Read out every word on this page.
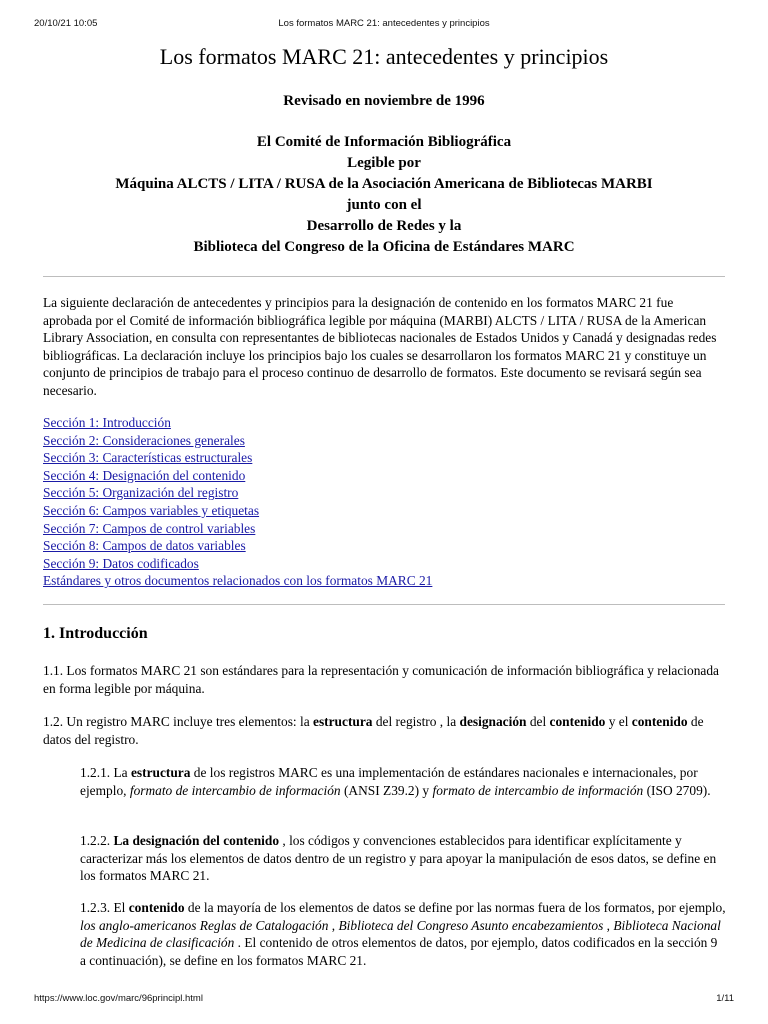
20/10/21 10:05	Los formatos MARC 21: antecedentes y principios
Los formatos MARC 21: antecedentes y principios
Revisado en noviembre de 1996
El Comité de Información Bibliográfica
Legible por
Máquina ALCTS / LITA / RUSA de la Asociación Americana de Bibliotecas MARBI
junto con el
Desarrollo de Redes y la
Biblioteca del Congreso de la Oficina de Estándares MARC
La siguiente declaración de antecedentes y principios para la designación de contenido en los formatos MARC 21 fue aprobada por el Comité de información bibliográfica legible por máquina (MARBI) ALCTS / LITA / RUSA de la American Library Association, en consulta con representantes de bibliotecas nacionales de Estados Unidos y Canadá y designadas redes bibliográficas. La declaración incluye los principios bajo los cuales se desarrollaron los formatos MARC 21 y constituye un conjunto de principios de trabajo para el proceso continuo de desarrollo de formatos. Este documento se revisará según sea necesario.
Sección 1: Introducción
Sección 2: Consideraciones generales
Sección 3: Características estructurales
Sección 4: Designación del contenido
Sección 5: Organización del registro
Sección 6: Campos variables y etiquetas
Sección 7: Campos de control variables
Sección 8: Campos de datos variables
Sección 9: Datos codificados
Estándares y otros documentos relacionados con los formatos MARC 21
1. Introducción

1.1. Los formatos MARC 21 son estándares para la representación y comunicación de información bibliográfica y relacionada en forma legible por máquina.

1.2. Un registro MARC incluye tres elementos: la estructura del registro , la designación del contenido y el contenido de datos del registro.

1.2.1. La estructura de los registros MARC es una implementación de estándares nacionales e internacionales, por ejemplo, formato de intercambio de información (ANSI Z39.2) y formato de intercambio de información (ISO 2709).

1.2.2. La designación del contenido , los códigos y convenciones establecidos para identificar explícitamente y caracterizar más los elementos de datos dentro de un registro y para apoyar la manipulación de esos datos, se define en los formatos MARC 21.

1.2.3. El contenido de la mayoría de los elementos de datos se define por las normas fuera de los formatos, por ejemplo, los anglo-americanos Reglas de Catalogación , Biblioteca del Congreso Asunto encabezamientos , Biblioteca Nacional de Medicina de clasificación . El contenido de otros elementos de datos, por ejemplo, datos codificados en la sección 9 a continuación), se define en los formatos MARC 21.

https://www.loc.gov/marc/96principl.html	1/11
